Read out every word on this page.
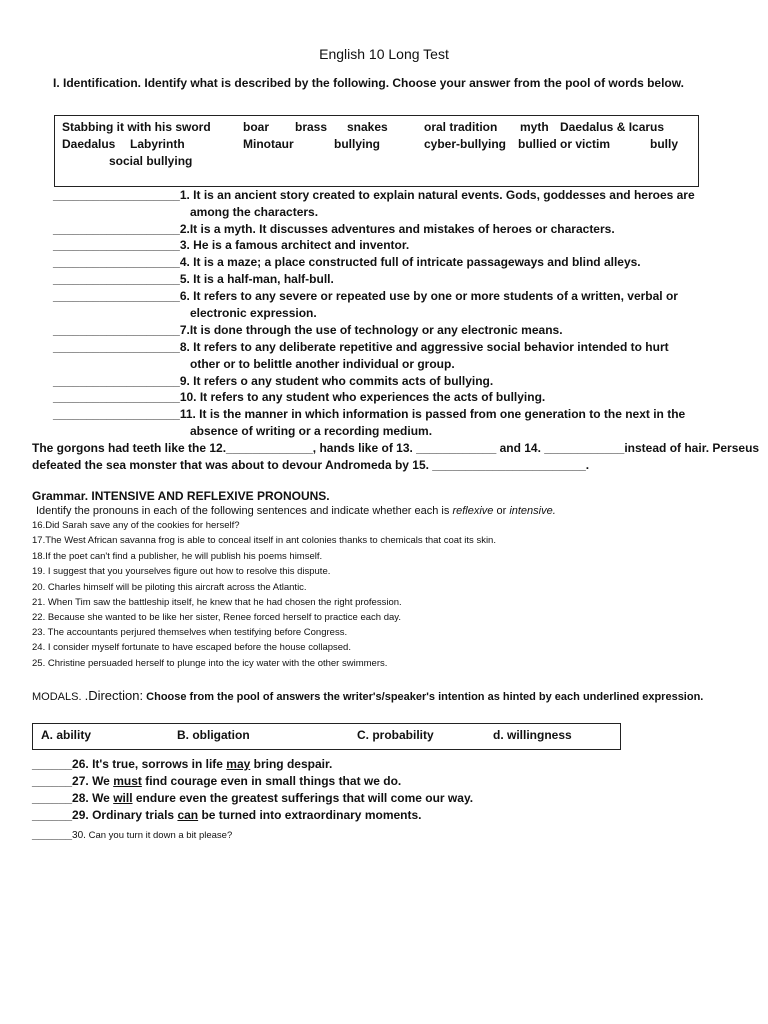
English 10 Long Test
I. Identification. Identify what is described by the following. Choose your answer from the pool of words below.
Stabbing it with his sword	boar brass snakes	oral tradition myth Daedalus & Icarus
Daedalus Labyrinth	Minotaur	bullying	cyber-bullying bullied or victim	bully
social bullying
___________________1. It is an ancient story created to explain natural events. Gods, goddesses and heroes are
among the characters.
___________________2.It is a myth. It discusses adventures and mistakes of heroes or characters.
___________________3. He is a famous architect and inventor.
___________________4. It is a maze; a place constructed full of intricate passageways and blind alleys.
___________________5. It is a half-man, half-bull.
___________________6. It refers to any severe or repeated use by one or more students of a written, verbal or
electronic expression.
___________________7.It is done through the use of technology or any electronic means.
___________________8. It refers to any deliberate repetitive and aggressive social behavior intended to hurt
other or to belittle another individual or group.
___________________9. It refers o any student who commits acts of bullying.
___________________10. It refers to any student who experiences the acts of bullying.
___________________11. It is the manner in which information is passed from one generation to the next in the
absence of writing or a recording medium.
The gorgons had teeth like the 12._____________, hands like of 13. ____________ and 14. ____________instead of hair. Perseus
defeated the sea monster that was about to devour Andromeda by 15. _______________________.
Grammar. INTENSIVE AND REFLEXIVE PRONOUNS.
Identify the pronouns in each of the following sentences and indicate whether each is reflexive or intensive.
16.Did Sarah save any of the cookies for herself?
17.The West African savanna frog is able to conceal itself in ant colonies thanks to chemicals that coat its skin.
18.If the poet can't find a publisher, he will publish his poems himself.
19. I suggest that you yourselves figure out how to resolve this dispute.
20. Charles himself will be piloting this aircraft across the Atlantic.
21. When Tim saw the battleship itself, he knew that he had chosen the right profession.
22. Because she wanted to be like her sister, Renee forced herself to practice each day.
23. The accountants perjured themselves when testifying before Congress.
24. I consider myself fortunate to have escaped before the house collapsed.
25. Christine persuaded herself to plunge into the icy water with the other swimmers.
MODALS. .Direction: Choose from the pool of answers the writer's/speaker's intention as hinted by each underlined expression.
A. ability	B. obligation	C. probability	d. willingness
______26. It's true, sorrows in life may bring despair.
______27. We must find courage even in small things that we do.
______28. We will endure even the greatest sufferings that will come our way.
______29. Ordinary trials can be turned into extraordinary moments.
______30. Can you turn it down a bit please?
